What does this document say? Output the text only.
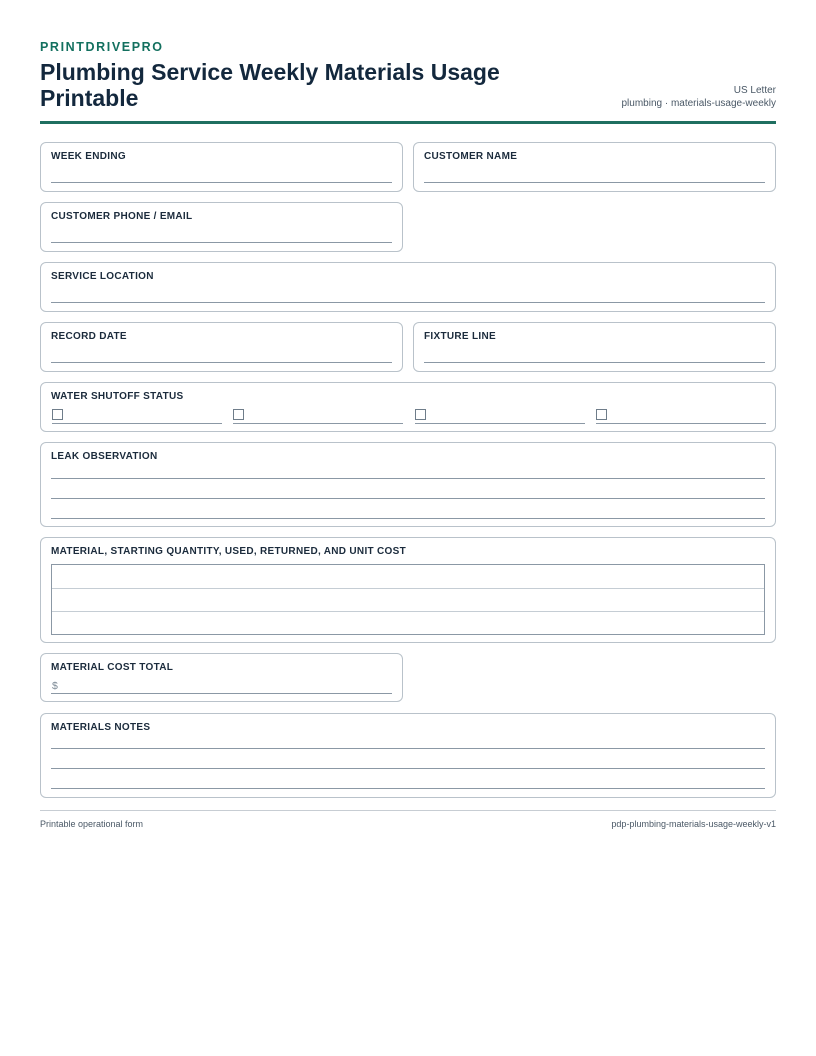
PRINTDRIVEPRO
Plumbing Service Weekly Materials Usage Printable	US Letter
plumbing · materials-usage-weekly
WEEK ENDING	CUSTOMER NAME
CUSTOMER PHONE / EMAIL
SERVICE LOCATION
RECORD DATE	FIXTURE LINE
WATER SHUTOFF STATUS
LEAK OBSERVATION
MATERIAL, STARTING QUANTITY, USED, RETURNED, AND UNIT COST
MATERIAL COST TOTAL
$
MATERIALS NOTES
Printable operational form	pdp-plumbing-materials-usage-weekly-v1
